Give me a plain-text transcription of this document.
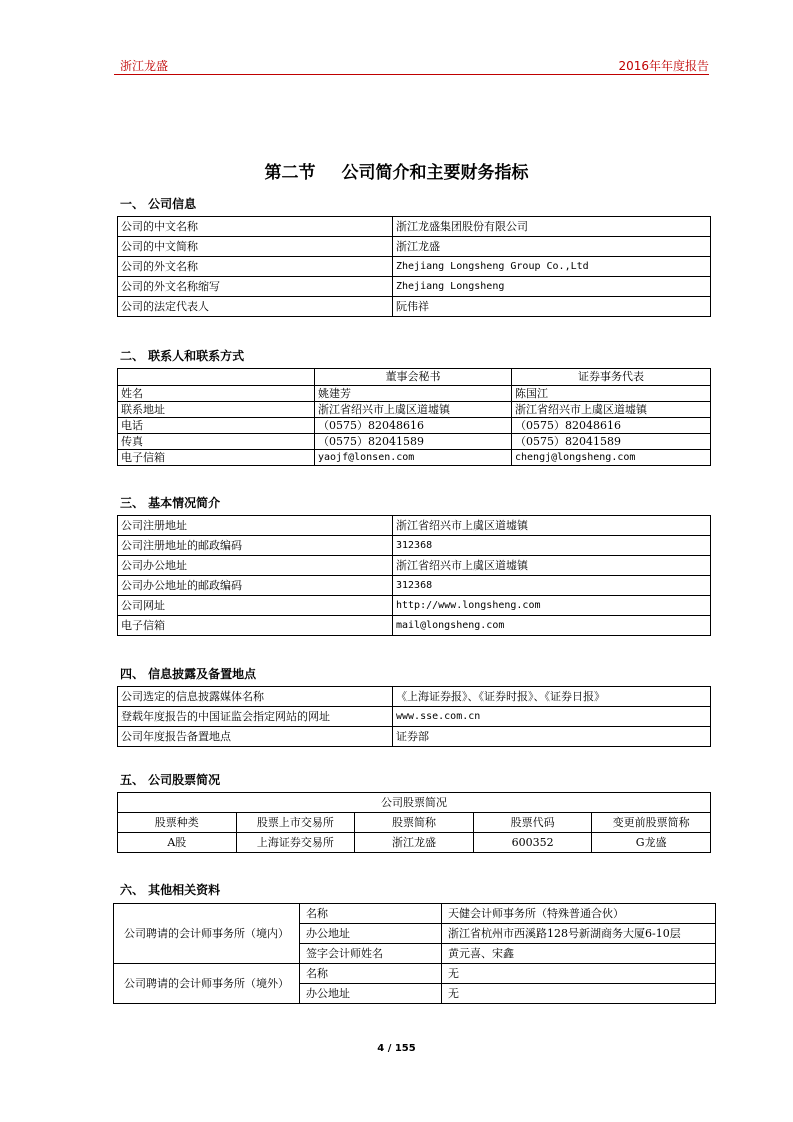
浙江龙盛	2016年年度报告
第二节 公司简介和主要财务指标
一、 公司信息
公司的中文名称	浙江龙盛集团股份有限公司
公司的中文简称	浙江龙盛
公司的外文名称	Zhejiang Longsheng Group Co.,Ltd
公司的外文名称缩写	Zhejiang Longsheng
公司的法定代表人	阮伟祥
二、 联系人和联系方式
	董事会秘书	证券事务代表
姓名	姚建芳	陈国江
联系地址	浙江省绍兴市上虞区道墟镇	浙江省绍兴市上虞区道墟镇
电话	（0575）82048616	（0575）82048616
传真	（0575）82041589	（0575）82041589
电子信箱	yaojf@lonsen.com	chengj@longsheng.com
三、 基本情况简介
公司注册地址	浙江省绍兴市上虞区道墟镇
公司注册地址的邮政编码	312368
公司办公地址	浙江省绍兴市上虞区道墟镇
公司办公地址的邮政编码	312368
公司网址	http://www.longsheng.com
电子信箱	mail@longsheng.com
四、 信息披露及备置地点
公司选定的信息披露媒体名称	《上海证券报》、《证券时报》、《证券日报》
登载年度报告的中国证监会指定网站的网址	www.sse.com.cn
公司年度报告备置地点	证券部
五、 公司股票简况
公司股票简况				
股票种类	股票上市交易所	股票简称	股票代码	变更前股票简称
A股	上海证券交易所	浙江龙盛	600352	G龙盛
六、 其他相关资料
公司聘请的会计师事务所（境内）	名称	天健会计师事务所（特殊普通合伙）
	办公地址	浙江省杭州市西溪路128号新湖商务大厦6-10层
	签字会计师姓名	黄元喜、宋鑫
公司聘请的会计师事务所（境外）	名称	无
	办公地址	无
4 / 155
